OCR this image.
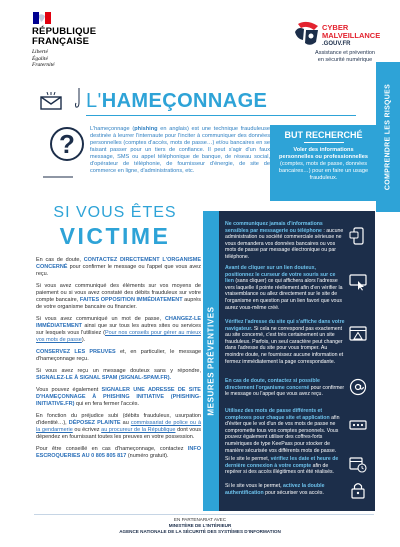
RÉPUBLIQUE
FRANÇAISE
Liberté
Égalité
Fraternité
CYBER
MALVEILLANCE
.GOUV.FR
Assistance et prévention
en sécurité numérique
COMPRENDRE LES RISQUES
L'HAMEÇONNAGE
?	L'hameçonnage (phishing en anglais) est une technique frauduleuse destinée à leurrer l'internaute pour l'inciter à communiquer des données personnelles (comptes d'accès, mots de passe…) et/ou bancaires en se faisant passer pour un tiers de confiance. Il peut s'agir d'un faux message, SMS ou appel téléphonique de banque, de réseau social, d'opérateur de téléphonie, de fournisseur d'énergie, de site de commerce en ligne, d'administrations, etc.
BUT RECHERCHÉ
Voler des informations personnelles ou professionnelles (comptes, mots de passe, données bancaires…) pour en faire un usage frauduleux.
SI VOUS ÊTES
VICTIME

En cas de doute, CONTACTEZ DIRECTEMENT L'ORGANISME CONCERNÉ pour confirmer le message ou l'appel que vous avez reçu.

Si vous avez communiqué des éléments sur vos moyens de paiement ou si vous avez constaté des débits frauduleux sur votre compte bancaire, FAITES OPPOSITION IMMÉDIATEMENT auprès de votre organisme bancaire ou financier.

Si vous avez communiqué un mot de passe, CHANGEZ-LE IMMÉDIATEMENT ainsi que sur tous les autres sites ou services sur lesquels vous l'utilisiez (Pour nos conseils pour gérer au mieux vos mots de passe).

CONSERVEZ LES PREUVES et, en particulier, le message d'hameçonnage reçu.

Si vous avez reçu un message douteux sans y répondre, SIGNALEZ-LE À SIGNAL SPAM (SIGNAL-SPAM.FR).

Vous pouvez également SIGNALER UNE ADRESSE DE SITE D'HAMEÇONNAGE À PHISHING INITIATIVE (PHISHING-INITIATIVE.FR) qui en fera fermer l'accès.

En fonction du préjudice subi (débits frauduleux, usurpation d'identité…), DÉPOSEZ PLAINTE au commissariat de police ou à la gendarmerie ou écrivez au procureur de la République dont vous dépendez en fournissant toutes les preuves en votre possession.

Pour être conseillé en cas d'hameçonnage, contactez INFO ESCROQUERIES AU 0 805 805 817 (numéro gratuit).

MESURES PRÉVENTIVES
Ne communiquez jamais d'informations sensibles par messagerie ou téléphone : aucune administration ou société commerciale sérieuse ne vous demandera vos données bancaires ou vos mots de passe par message électronique ou par téléphone.
Avant de cliquer sur un lien douteux, positionnez le curseur de votre souris sur ce lien (sans cliquer) ce qui affichera alors l'adresse vers laquelle il pointe réellement afin d'en vérifier la vraisemblance ou allez directement sur le site de l'organisme en question par un lien favori que vous aurez vous-même créé.
Vérifiez l'adresse du site qui s'affiche dans votre navigateur. Si cela ne correspond pas exactement au site concerné, c'est très certainement un site frauduleux. Parfois, un seul caractère peut changer dans l'adresse du site pour vous tromper. Au moindre doute, ne fournissez aucune information et fermez immédiatement la page correspondante.
En cas de doute, contactez si possible directement l'organisme concerné pour confirmer le message ou l'appel que vous avez reçu.
Utilisez des mots de passe différents et complexes pour chaque site et application afin d'éviter que le vol d'un de vos mots de passe ne compromette tous vos comptes personnels. Vous pouvez également utiliser des coffres-forts numériques de type KeePass pour stocker de manière sécurisée vos différents mots de passe.
Si le site le permet, vérifiez les date et heure de dernière connexion à votre compte afin de repérer si des accès illégitimes ont été réalisés.
Si le site vous le permet, activez la double authentification pour sécuriser vos accès.
EN PARTENARIAT AVEC
MINISTÈRE DE L'INTÉRIEUR
AGENCE NATIONALE DE LA SÉCURITÉ DES SYSTÈMES D'INFORMATION
